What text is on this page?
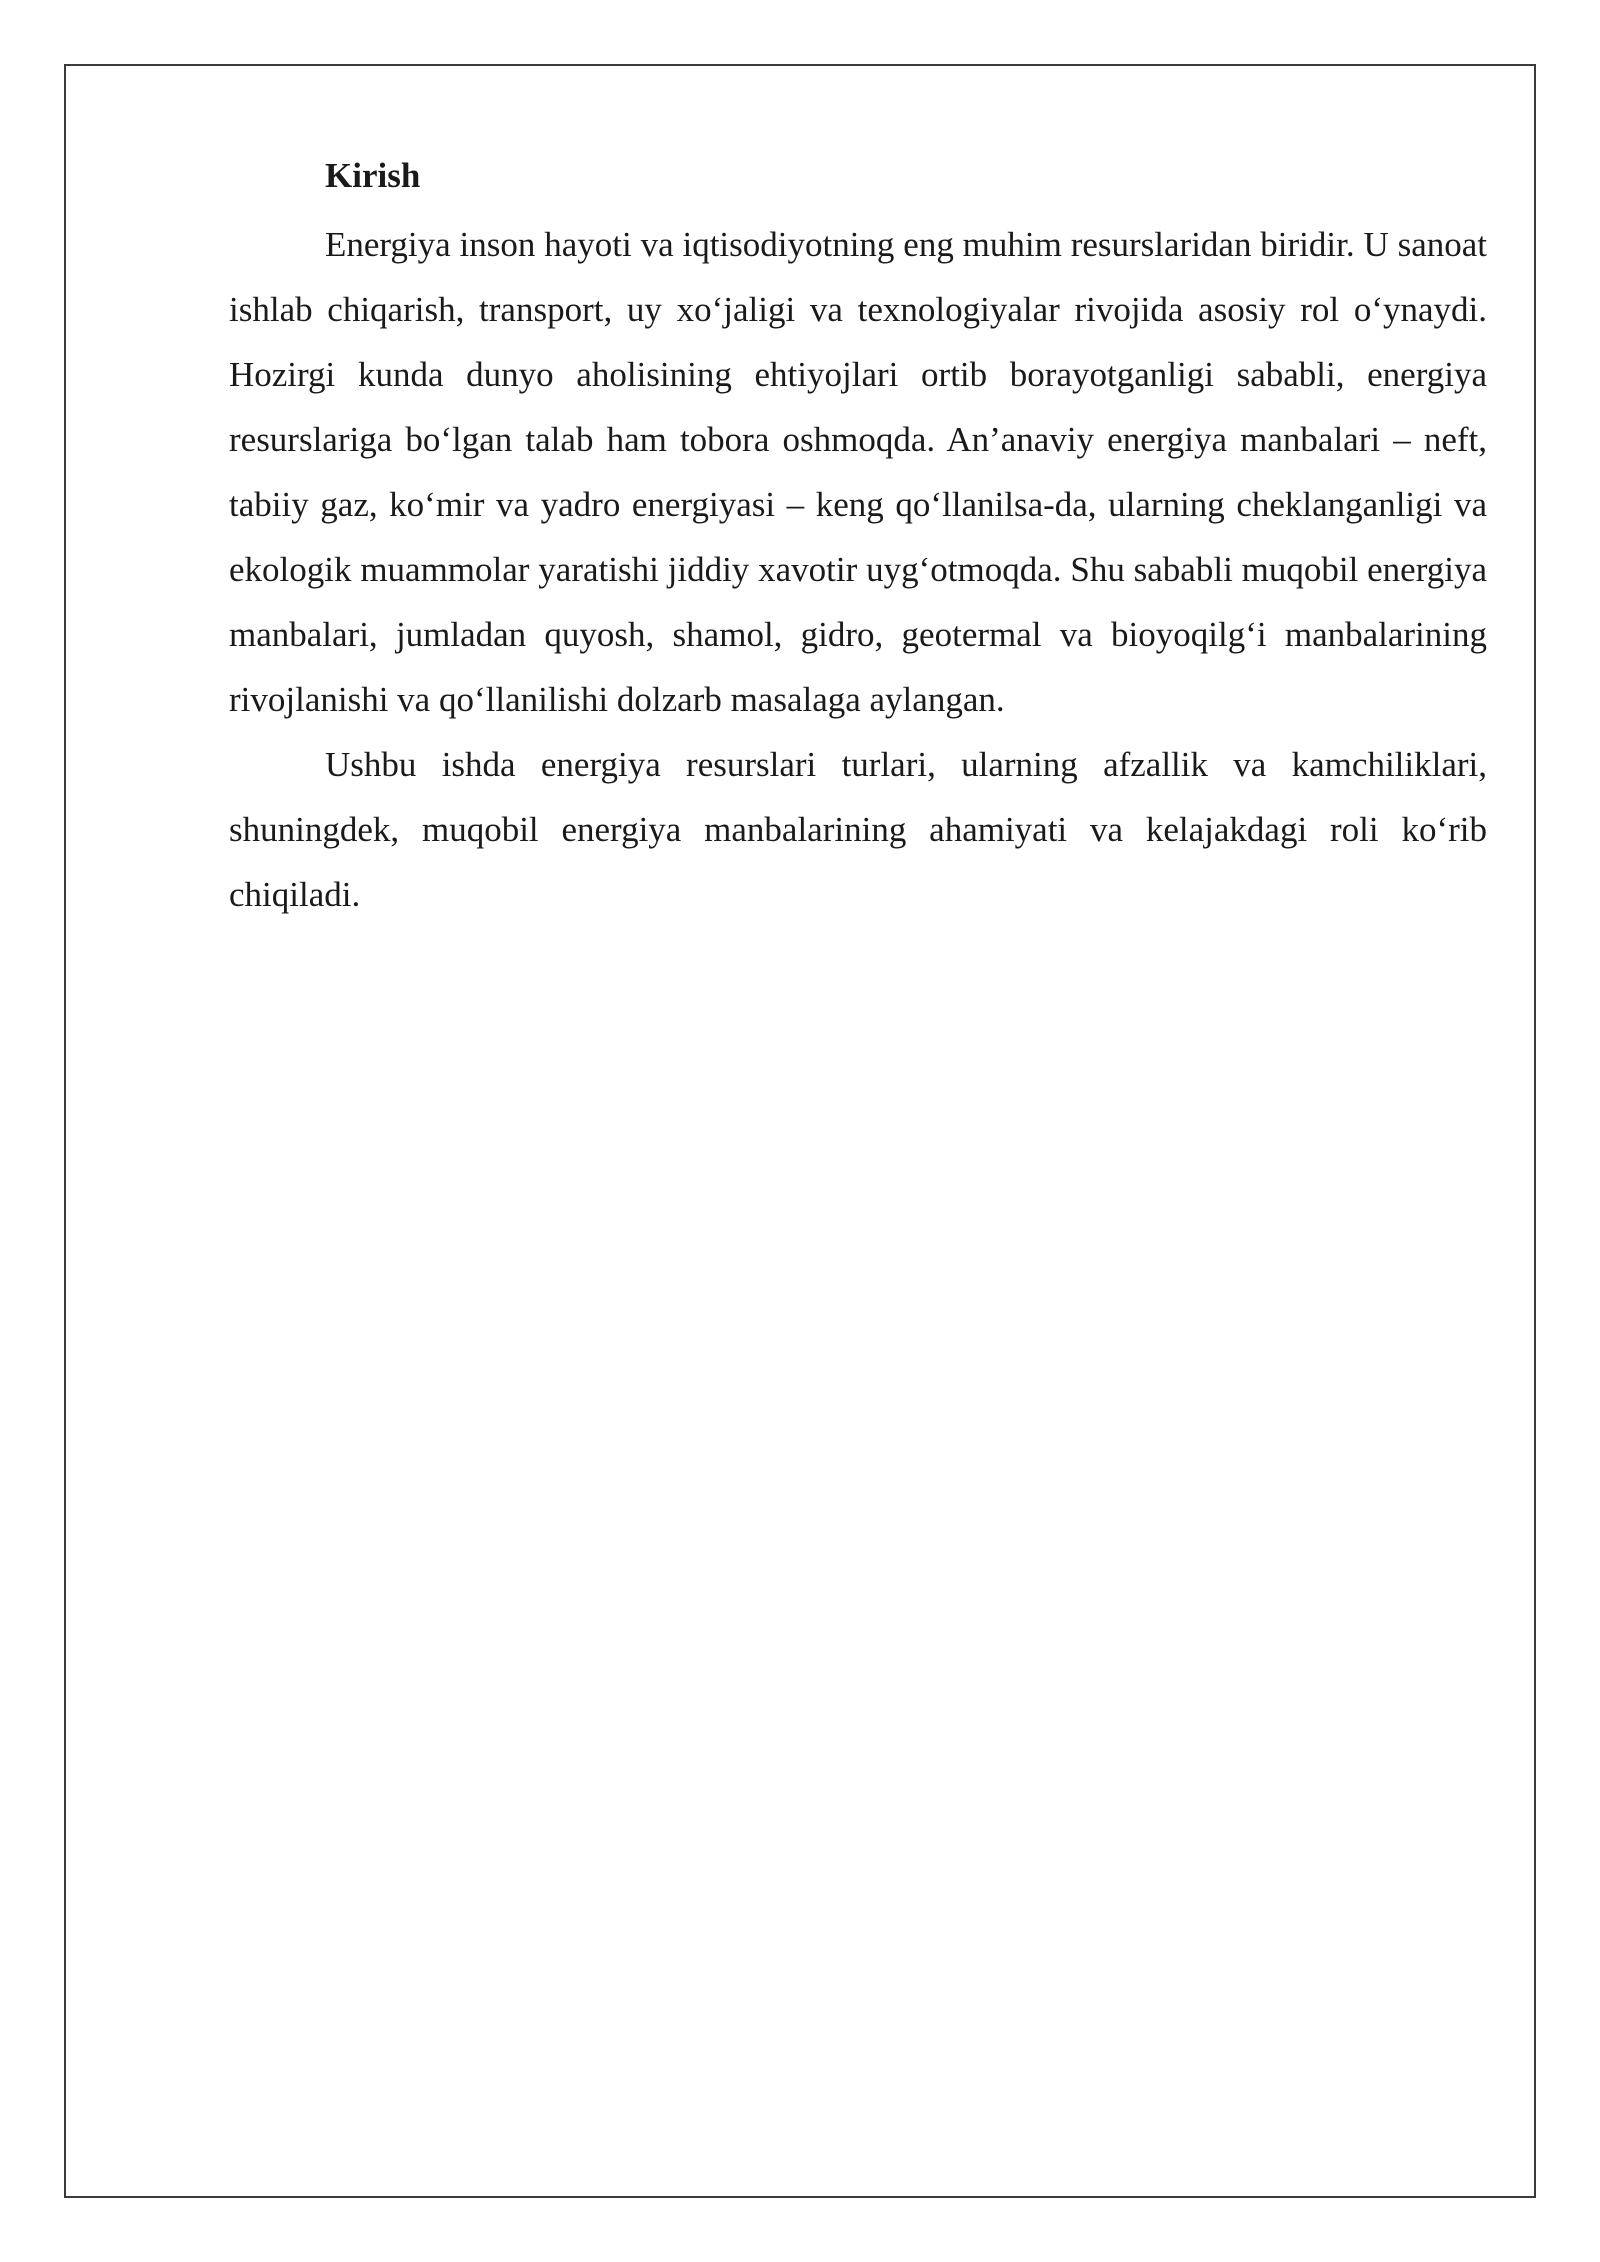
Kirish

Energiya inson hayoti va iqtisodiyotning eng muhim resurslaridan biridir. U sanoat ishlab chiqarish, transport, uy xo‘jaligi va texnologiyalar rivojida asosiy rol o‘ynaydi. Hozirgi kunda dunyo aholisining ehtiyojlari ortib borayotganligi sababli, energiya resurslariga bo‘lgan talab ham tobora oshmoqda. An’anaviy energiya manbalari – neft, tabiiy gaz, ko‘mir va yadro energiyasi – keng qo‘llanilsa-da, ularning cheklanganligi va ekologik muammolar yaratishi jiddiy xavotir uyg‘otmoqda. Shu sababli muqobil energiya manbalari, jumladan quyosh, shamol, gidro, geotermal va bioyoqilg‘i manbalarining rivojlanishi va qo‘llanilishi dolzarb masalaga aylangan.

Ushbu ishda energiya resurslari turlari, ularning afzallik va kamchiliklari, shuningdek, muqobil energiya manbalarining ahamiyati va kelajakdagi roli ko‘rib chiqiladi.
